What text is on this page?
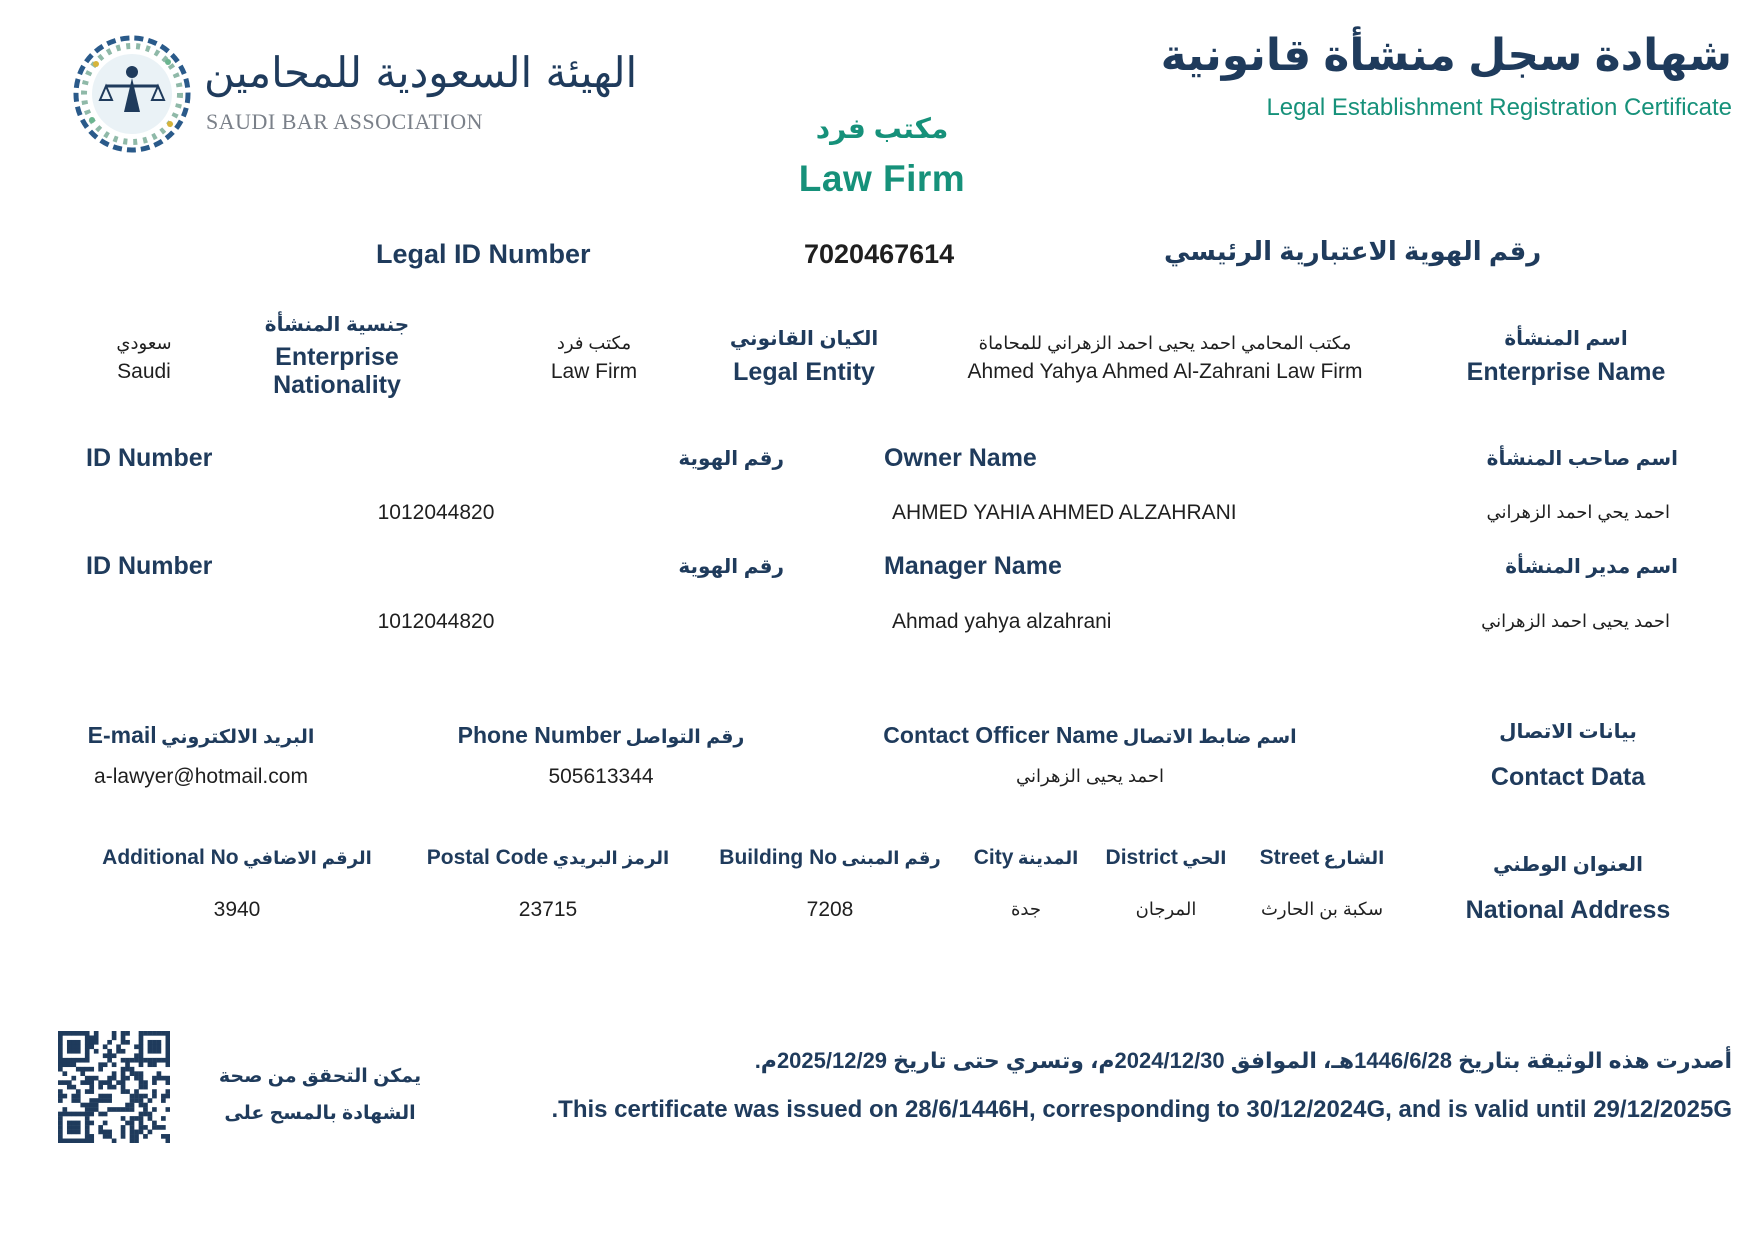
الهيئة السعودية للمحامين
SAUDI BAR ASSOCIATION
شهادة سجل منشأة قانونية
Legal Establishment Registration Certificate
مكتب فرد
Law Firm
Legal ID Number	7020467614	رقم الهوية الاعتبارية الرئيسي
اسم المنشأة
Enterprise Name
مكتب المحامي احمد يحيى احمد الزهراني للمحاماة
Ahmed Yahya Ahmed Al-Zahrani Law Firm
الكيان القانوني
Legal Entity
مكتب فرد
Law Firm
جنسية المنشأة
Enterprise
Nationality
سعودي
Saudi
اسم صاحب المنشأة
Owner Name
رقم الهوية
ID Number
احمد يحي احمد الزهراني
AHMED YAHIA AHMED ALZAHRANI
1012044820
اسم مدير المنشأة
Manager Name
رقم الهوية
ID Number
احمد يحيى احمد الزهراني
Ahmad yahya alzahrani
1012044820
بيانات الاتصال
Contact Data
Contact Officer Name اسم ضابط الاتصال
احمد يحيى الزهراني
Phone Number رقم التواصل
505613344
E-mail البريد الالكتروني
a-lawyer@hotmail.com
العنوان الوطني
National Address
Street الشارع
سكبة بن الحارث
District الحي
المرجان
City المدينة
جدة
Building No رقم المبنى
7208
Postal Code الرمز البريدي
23715
Additional No الرقم الاضافي
3940
يمكن التحقق من صحة
الشهادة بالمسح على
أصدرت هذه الوثيقة بتاريخ 1446/6/28هـ، الموافق 2024/12/30م، وتسري حتى تاريخ 2025/12/29م.
.This certificate was issued on 28/6/1446H, corresponding to 30/12/2024G, and is valid until 29/12/2025G
